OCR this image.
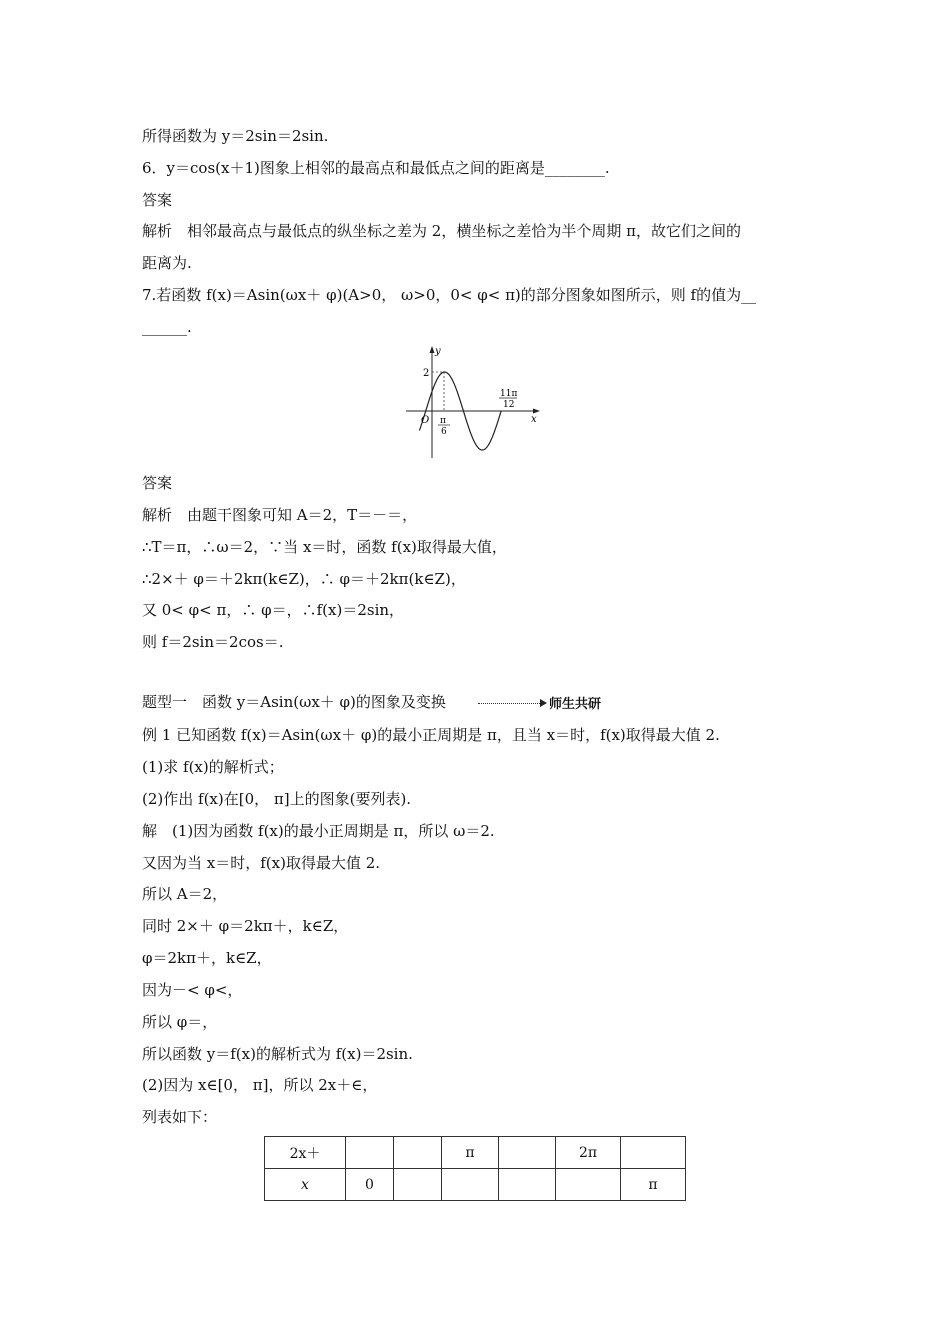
所得函数为 y＝2sin＝2sin.
6．y＝cos(x＋1)图象上相邻的最高点和最低点之间的距离是________.
答案
解析　相邻最高点与最低点的纵坐标之差为 2，横坐标之差恰为半个周期 π，故它们之间的
距离为.
7.若函数 f(x)＝Asin(ωx＋ φ)(A>0， ω>0，0< φ< π)的部分图象如图所示，则 f的值为__
______.
y
x
O
2
π
6
11π
12
答案
解析　由题干图象可知 A＝2，T＝－＝，
∴T＝π，∴ω＝2，∵当 x＝时，函数 f(x)取得最大值，
∴2×＋ φ＝＋2kπ(k∈Z)，∴ φ＝＋2kπ(k∈Z)，
又 0< φ< π，∴ φ＝，∴f(x)＝2sin，
则 f＝2sin＝2cos＝.
题型一　函数 y＝Asin(ωx＋ φ)的图象及变换	师生共研
例 1 已知函数 f(x)＝Asin(ωx＋ φ)的最小正周期是 π，且当 x＝时，f(x)取得最大值 2.
(1)求 f(x)的解析式；
(2)作出 f(x)在[0， π]上的图象(要列表).
解　(1)因为函数 f(x)的最小正周期是 π，所以 ω＝2.
又因为当 x＝时，f(x)取得最大值 2.
所以 A＝2，
同时 2×＋ φ＝2kπ＋，k∈Z，
φ＝2kπ＋，k∈Z，
因为－< φ<，
所以 φ＝，
所以函数 y＝f(x)的解析式为 f(x)＝2sin.
(2)因为 x∈[0， π]，所以 2x＋∈，
列表如下：
2x＋			π		2π	
x	0					π
